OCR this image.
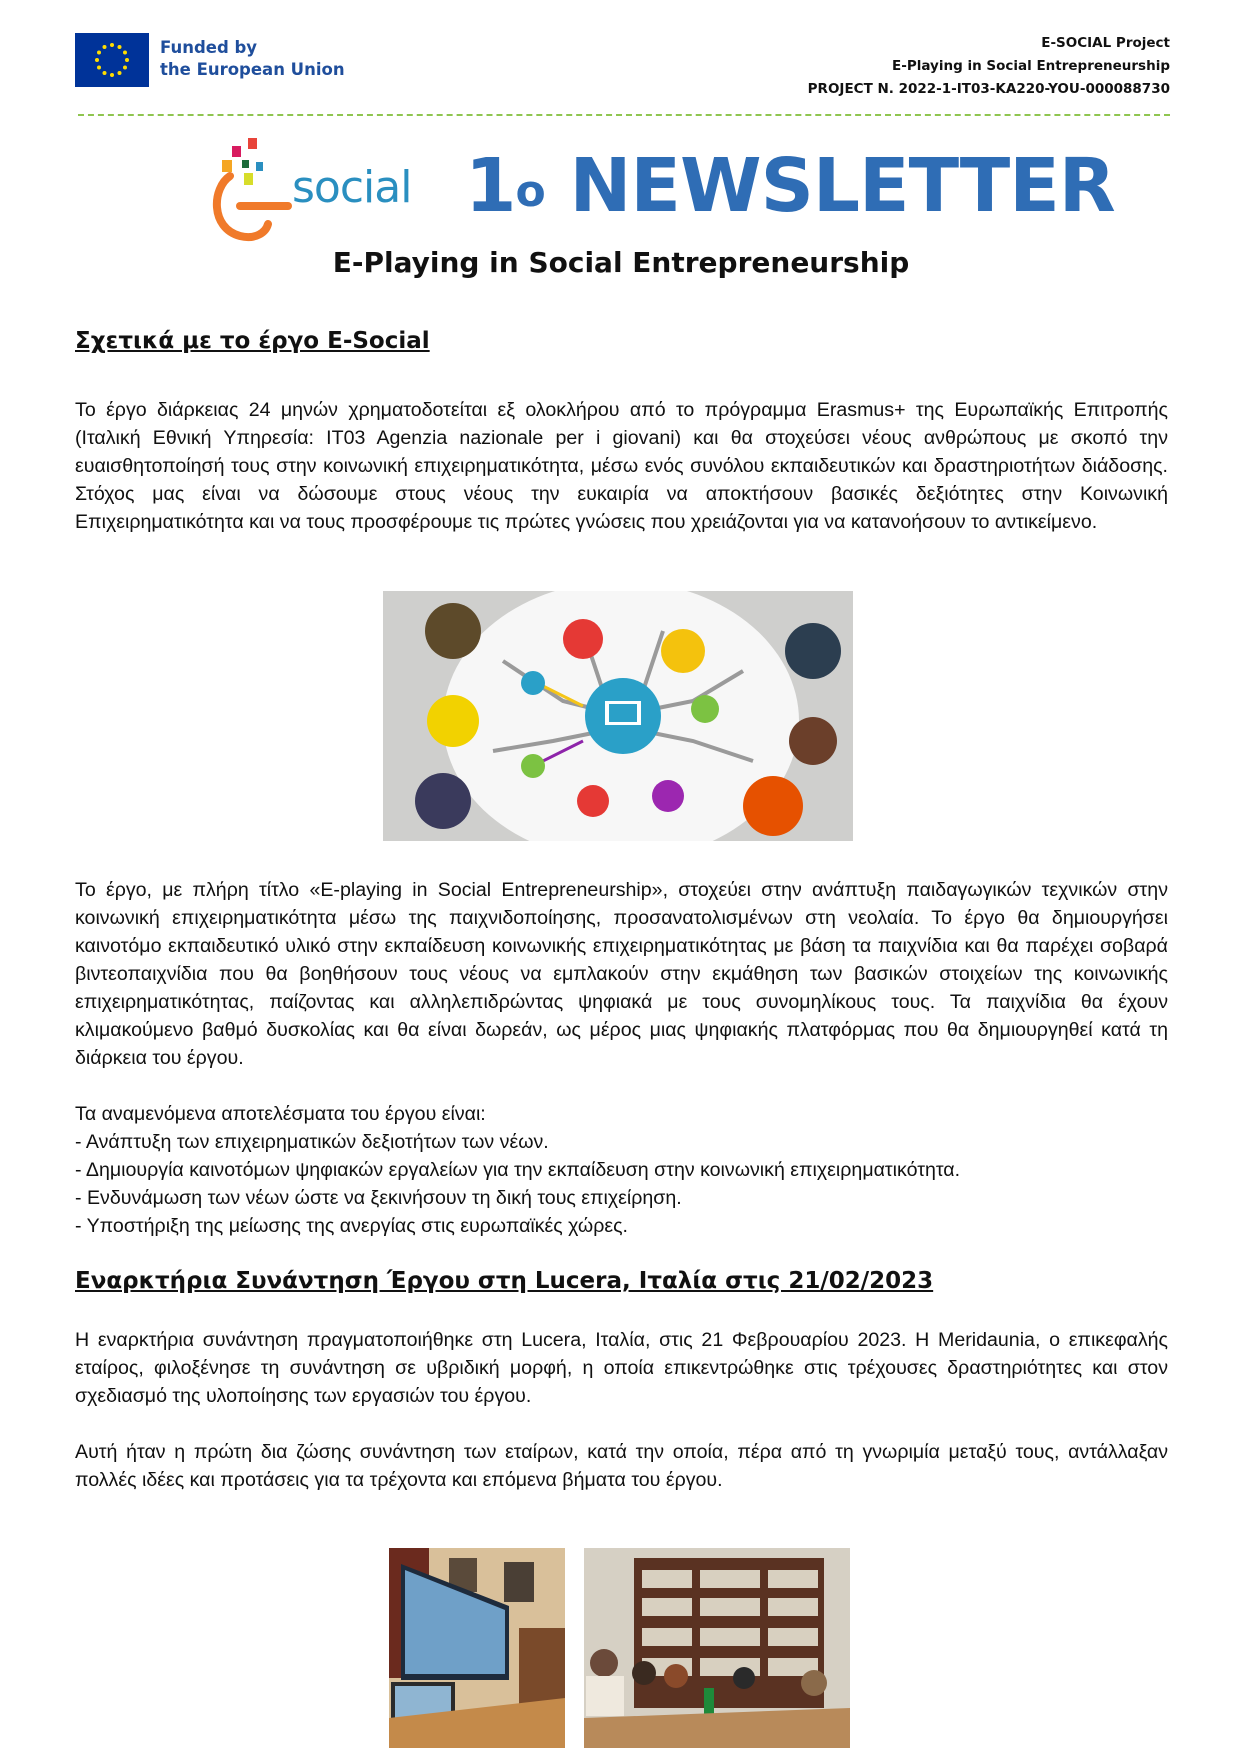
Funded by
the European Union
E-SOCIAL Project
E-Playing in Social Entrepreneurship
PROJECT N. 2022-1-IT03-KA220-YOU-000088730
social 1$^o$ NEWSLETTER
E-Playing in Social Entrepreneurship
Σχετικά με το έργο E-Social
Το έργο διάρκειας 24 μηνών χρηματοδοτείται εξ ολοκλήρου από το πρόγραμμα Erasmus+ της Ευρωπαϊκής Επιτροπής (Ιταλική Εθνική Υπηρεσία: IT03 Agenzia nazionale per i giovani) και θα στοχεύσει νέους ανθρώπους με σκοπό την ευαισθητοποίησή τους στην κοινωνική επιχειρηματικότητα, μέσω ενός συνόλου εκπαιδευτικών και δραστηριοτήτων διάδοσης. Στόχος μας είναι να δώσουμε στους νέους την ευκαιρία να αποκτήσουν βασικές δεξιότητες στην Κοινωνική Επιχειρηματικότητα και να τους προσφέρουμε τις πρώτες γνώσεις που χρειάζονται για να κατανοήσουν το αντικείμενο.
Το έργο, με πλήρη τίτλο «E-playing in Social Entrepreneurship», στοχεύει στην ανάπτυξη παιδαγωγικών τεχνικών στην κοινωνική επιχειρηματικότητα μέσω της παιχνιδοποίησης, προσανατολισμένων στη νεολαία. Το έργο θα δημιουργήσει καινοτόμο εκπαιδευτικό υλικό στην εκπαίδευση κοινωνικής επιχειρηματικότητας με βάση τα παιχνίδια και θα παρέχει σοβαρά βιντεοπαιχνίδια που θα βοηθήσουν τους νέους να εμπλακούν στην εκμάθηση των βασικών στοιχείων της κοινωνικής επιχειρηματικότητας, παίζοντας και αλληλεπιδρώντας ψηφιακά με τους συνομηλίκους τους. Τα παιχνίδια θα έχουν κλιμακούμενο βαθμό δυσκολίας και θα είναι δωρεάν, ως μέρος μιας ψηφιακής πλατφόρμας που θα δημιουργηθεί κατά τη διάρκεια του έργου.
Τα αναμενόμενα αποτελέσματα του έργου είναι:
- Ανάπτυξη των επιχειρηματικών δεξιοτήτων των νέων.
- Δημιουργία καινοτόμων ψηφιακών εργαλείων για την εκπαίδευση στην κοινωνική επιχειρηματικότητα.
- Ενδυνάμωση των νέων ώστε να ξεκινήσουν τη δική τους επιχείρηση.
- Υποστήριξη της μείωσης της ανεργίας στις ευρωπαϊκές χώρες.
Εναρκτήρια Συνάντηση Έργου στη Lucera, Ιταλία στις 21/02/2023
Η εναρκτήρια συνάντηση πραγματοποιήθηκε στη Lucera, Ιταλία, στις 21 Φεβρουαρίου 2023. Η Meridaunia, ο επικεφαλής εταίρος, φιλοξένησε τη συνάντηση σε υβριδική μορφή, η οποία επικεντρώθηκε στις τρέχουσες δραστηριότητες και στον σχεδιασμό της υλοποίησης των εργασιών του έργου.
Αυτή ήταν η πρώτη δια ζώσης συνάντηση των εταίρων, κατά την οποία, πέρα από τη γνωριμία μεταξύ τους, αντάλλαξαν πολλές ιδέες και προτάσεις για τα τρέχοντα και επόμενα βήματα του έργου.
